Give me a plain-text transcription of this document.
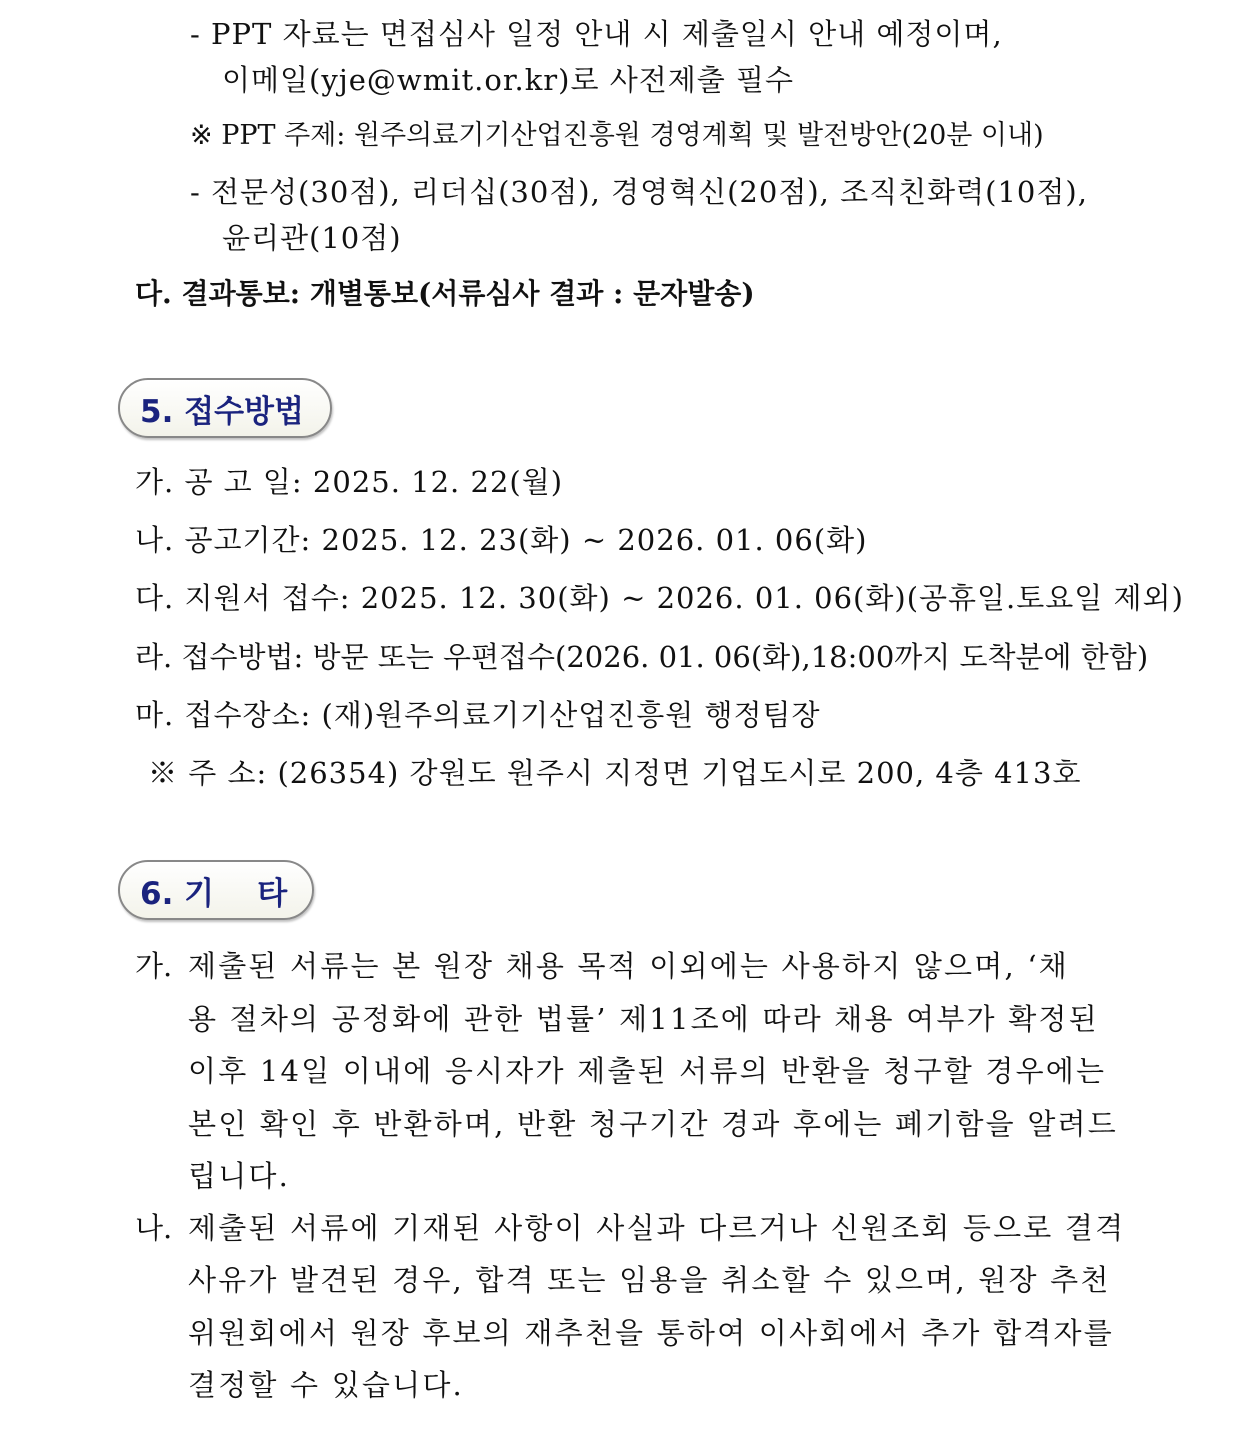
- PPT 자료는 면접심사 일정 안내 시 제출일시 안내 예정이며,
이메일(yje@wmit.or.kr)로 사전제출 필수
※ PPT 주제: 원주의료기기산업진흥원 경영계획 및 발전방안(20분 이내)
- 전문성(30점), 리더십(30점), 경영혁신(20점), 조직친화력(10점),
윤리관(10점)
다. 결과통보: 개별통보(서류심사 결과 : 문자발송)
5. 접수방법
가. 공 고 일: 2025. 12. 22(월)
나. 공고기간: 2025. 12. 23(화) ~ 2026. 01. 06(화)
다. 지원서 접수: 2025. 12. 30(화) ~ 2026. 01. 06(화)(공휴일.토요일 제외)
라. 접수방법: 방문 또는 우편접수(2026. 01. 06(화),18:00까지 도착분에 한함)
마. 접수장소: (재)원주의료기기산업진흥원 행정팀장
※ 주 소: (26354) 강원도 원주시 지정면 기업도시로 200, 4층 413호
6. 기    타
가. 제출된 서류는 본 원장 채용 목적 이외에는 사용하지 않으며, ‘채
용 절차의 공정화에 관한 법률’ 제11조에 따라 채용 여부가 확정된
이후 14일 이내에 응시자가 제출된 서류의 반환을 청구할 경우에는
본인 확인 후 반환하며, 반환 청구기간 경과 후에는 폐기함을 알려드
립니다.
나. 제출된 서류에 기재된 사항이 사실과 다르거나 신원조회 등으로 결격
사유가 발견된 경우, 합격 또는 임용을 취소할 수 있으며, 원장 추천
위원회에서 원장 후보의 재추천을 통하여 이사회에서 추가 합격자를
결정할 수 있습니다.
